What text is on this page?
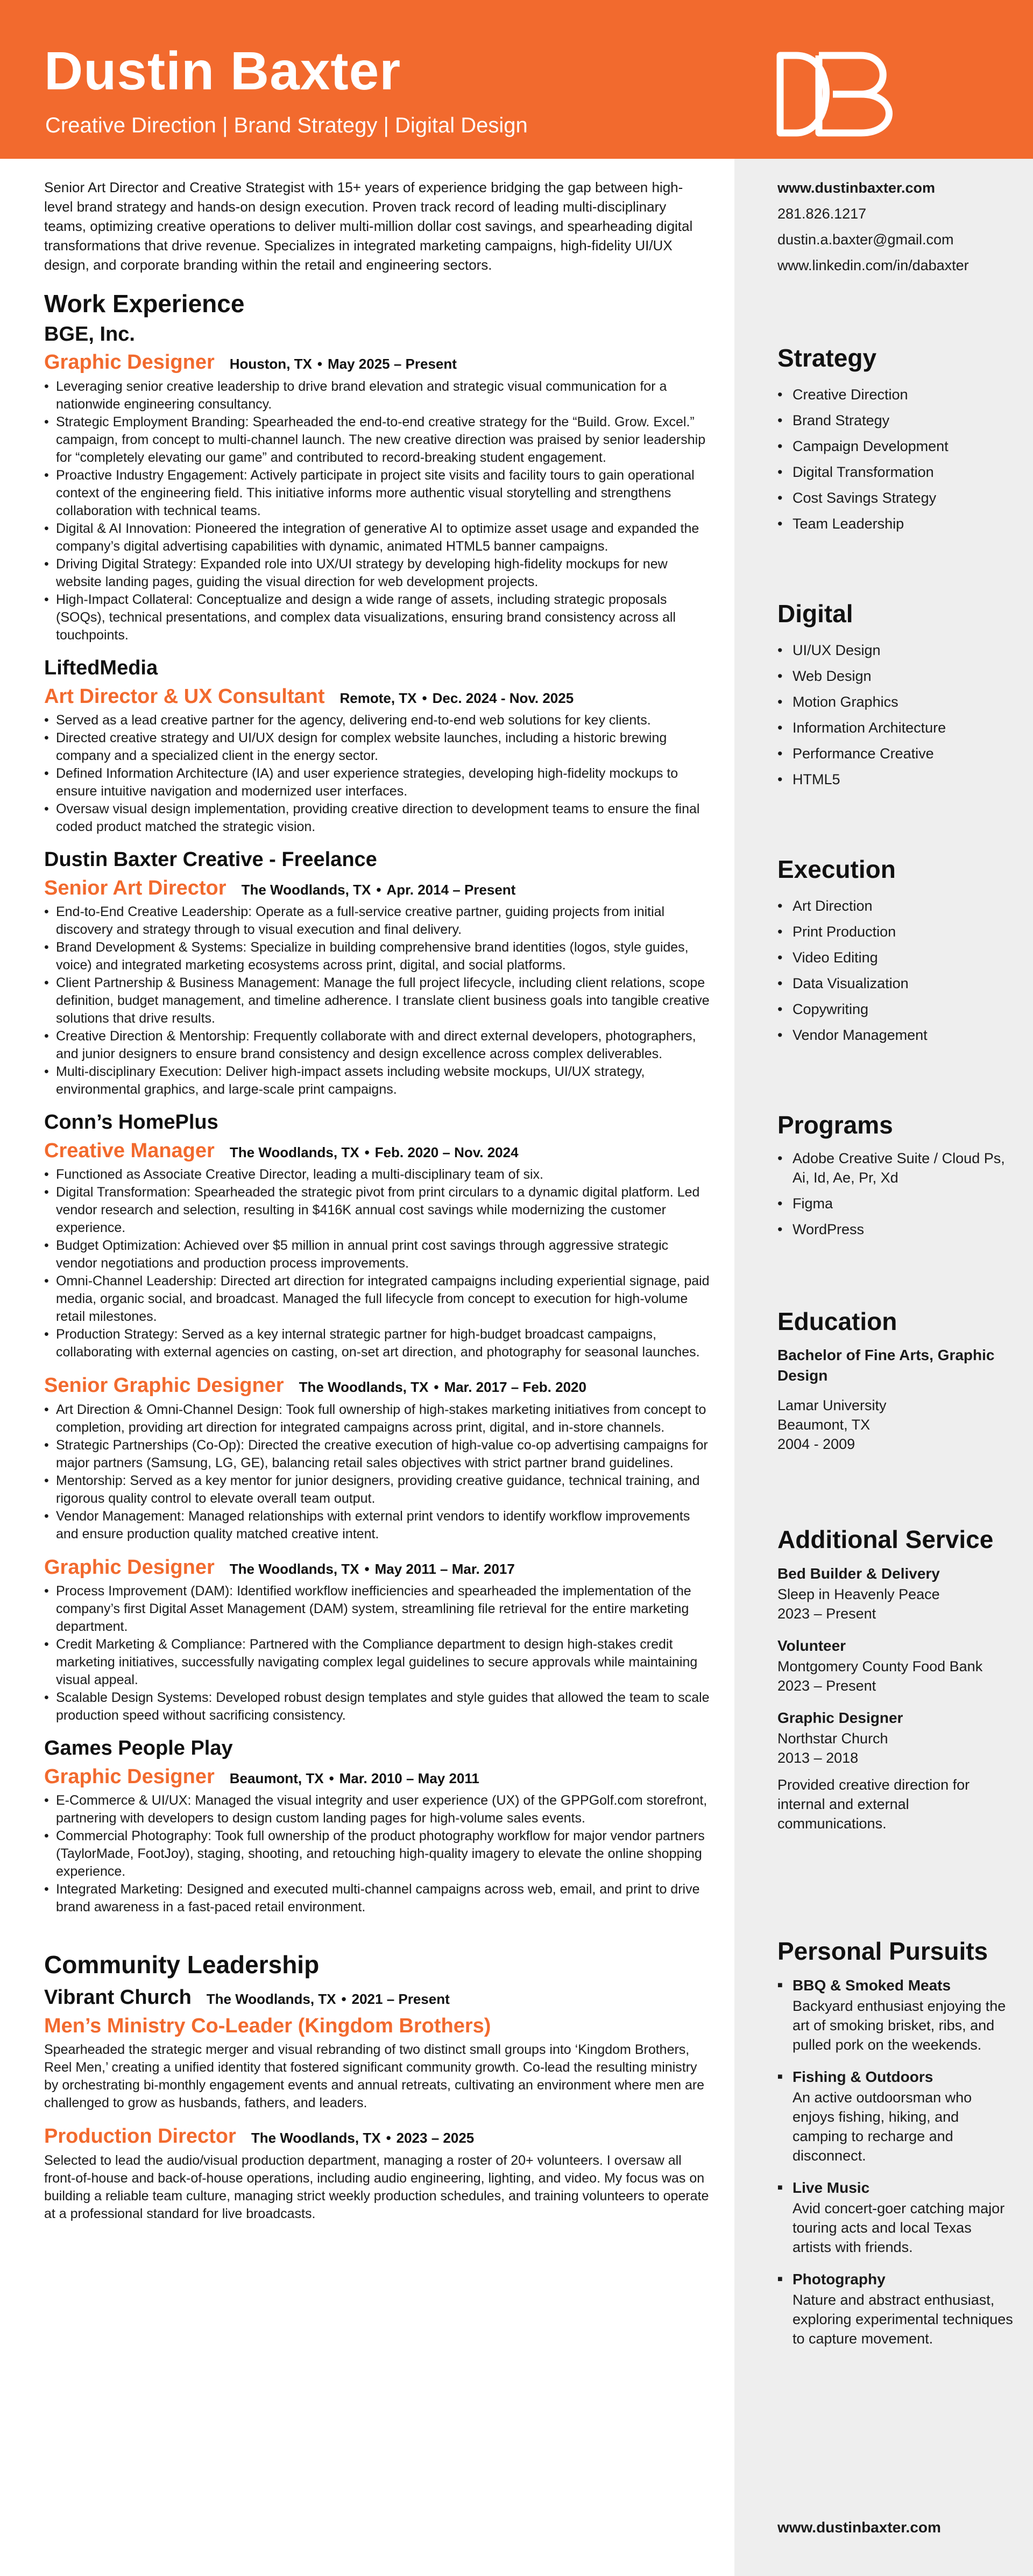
Dustin Baxter
Creative Direction | Brand Strategy | Digital Design
Senior Art Director and Creative Strategist with 15+ years of experience bridging the gap between high-level brand strategy and hands-on design execution. Proven track record of leading multi-disciplinary teams, optimizing creative operations to deliver multi-million dollar cost savings, and spearheading digital transformations that drive revenue. Specializes in integrated marketing campaigns, high-fidelity UI/UX design, and corporate branding within the retail and engineering sectors.
Work Experience
BGE, Inc.
Graphic Designer Houston, TX • May 2025 – Present
• Leveraging senior creative leadership to drive brand elevation and strategic visual communication for a nationwide engineering consultancy.
• Strategic Employment Branding: Spearheaded the end-to-end creative strategy for the “Build. Grow. Excel.” campaign, from concept to multi-channel launch. The new creative direction was praised by senior leadership for “completely elevating our game” and contributed to record-breaking student engagement.
• Proactive Industry Engagement: Actively participate in project site visits and facility tours to gain operational context of the engineering field. This initiative informs more authentic visual storytelling and strengthens collaboration with technical teams.
• Digital & AI Innovation: Pioneered the integration of generative AI to optimize asset usage and expanded the company’s digital advertising capabilities with dynamic, animated HTML5 banner campaigns.
• Driving Digital Strategy: Expanded role into UX/UI strategy by developing high-fidelity mockups for new website landing pages, guiding the visual direction for web development projects.
• High-Impact Collateral: Conceptualize and design a wide range of assets, including strategic proposals (SOQs), technical presentations, and complex data visualizations, ensuring brand consistency across all touchpoints.
LiftedMedia
Art Director & UX Consultant Remote, TX • Dec. 2024 - Nov. 2025
• Served as a lead creative partner for the agency, delivering end-to-end web solutions for key clients.
• Directed creative strategy and UI/UX design for complex website launches, including a historic brewing company and a specialized client in the energy sector.
• Defined Information Architecture (IA) and user experience strategies, developing high-fidelity mockups to ensure intuitive navigation and modernized user interfaces.
• Oversaw visual design implementation, providing creative direction to development teams to ensure the final coded product matched the strategic vision.
Dustin Baxter Creative - Freelance
Senior Art Director The Woodlands, TX • Apr. 2014 – Present
• End-to-End Creative Leadership: Operate as a full-service creative partner, guiding projects from initial discovery and strategy through to visual execution and final delivery.
• Brand Development & Systems: Specialize in building comprehensive brand identities (logos, style guides, voice) and integrated marketing ecosystems across print, digital, and social platforms.
• Client Partnership & Business Management: Manage the full project lifecycle, including client relations, scope definition, budget management, and timeline adherence. I translate client business goals into tangible creative solutions that drive results.
• Creative Direction & Mentorship: Frequently collaborate with and direct external developers, photographers, and junior designers to ensure brand consistency and design excellence across complex deliverables.
• Multi-disciplinary Execution: Deliver high-impact assets including website mockups, UI/UX strategy, environmental graphics, and large-scale print campaigns.
Conn’s HomePlus
Creative Manager The Woodlands, TX • Feb. 2020 – Nov. 2024
• Functioned as Associate Creative Director, leading a multi-disciplinary team of six.
• Digital Transformation: Spearheaded the strategic pivot from print circulars to a dynamic digital platform. Led vendor research and selection, resulting in $416K annual cost savings while modernizing the customer experience.
• Budget Optimization: Achieved over $5 million in annual print cost savings through aggressive strategic vendor negotiations and production process improvements.
• Omni-Channel Leadership: Directed art direction for integrated campaigns including experiential signage, paid media, organic social, and broadcast. Managed the full lifecycle from concept to execution for high-volume retail milestones.
• Production Strategy: Served as a key internal strategic partner for high-budget broadcast campaigns, collaborating with external agencies on casting, on-set art direction, and photography for seasonal launches.
Senior Graphic Designer The Woodlands, TX • Mar. 2017 – Feb. 2020
• Art Direction & Omni-Channel Design: Took full ownership of high-stakes marketing initiatives from concept to completion, providing art direction for integrated campaigns across print, digital, and in-store channels.
• Strategic Partnerships (Co-Op): Directed the creative execution of high-value co-op advertising campaigns for major partners (Samsung, LG, GE), balancing retail sales objectives with strict partner brand guidelines.
• Mentorship: Served as a key mentor for junior designers, providing creative guidance, technical training, and rigorous quality control to elevate overall team output.
• Vendor Management: Managed relationships with external print vendors to identify workflow improvements and ensure production quality matched creative intent.
Graphic Designer The Woodlands, TX • May 2011 – Mar. 2017
• Process Improvement (DAM): Identified workflow inefficiencies and spearheaded the implementation of the company’s first Digital Asset Management (DAM) system, streamlining file retrieval for the entire marketing department.
• Credit Marketing & Compliance: Partnered with the Compliance department to design high-stakes credit marketing initiatives, successfully navigating complex legal guidelines to secure approvals while maintaining visual appeal.
• Scalable Design Systems: Developed robust design templates and style guides that allowed the team to scale production speed without sacrificing consistency.
Games People Play
Graphic Designer Beaumont, TX • Mar. 2010 – May 2011
• E-Commerce & UI/UX: Managed the visual integrity and user experience (UX) of the GPPGolf.com storefront, partnering with developers to design custom landing pages for high-volume sales events.
• Commercial Photography: Took full ownership of the product photography workflow for major vendor partners (TaylorMade, FootJoy), staging, shooting, and retouching high-quality imagery to elevate the online shopping experience.
• Integrated Marketing: Designed and executed multi-channel campaigns across web, email, and print to drive brand awareness in a fast-paced retail environment.
Community Leadership
Vibrant Church The Woodlands, TX • 2021 – Present
Men’s Ministry Co-Leader (Kingdom Brothers)
Spearheaded the strategic merger and visual rebranding of two distinct small groups into ‘Kingdom Brothers, Reel Men,’ creating a unified identity that fostered significant community growth. Co-lead the resulting ministry by orchestrating bi-monthly engagement events and annual retreats, cultivating an environment where men are challenged to grow as husbands, fathers, and leaders.
Production Director The Woodlands, TX • 2023 – 2025
Selected to lead the audio/visual production department, managing a roster of 20+ volunteers. I oversaw all front-of-house and back-of-house operations, including audio engineering, lighting, and video. My focus was on building a reliable team culture, managing strict weekly production schedules, and training volunteers to operate at a professional standard for live broadcasts.
www.dustinbaxter.com
281.826.1217
dustin.a.baxter@gmail.com
www.linkedin.com/in/dabaxter
Strategy
• Creative Direction
• Brand Strategy
• Campaign Development
• Digital Transformation
• Cost Savings Strategy
• Team Leadership
Digital
• UI/UX Design
• Web Design
• Motion Graphics
• Information Architecture
• Performance Creative
• HTML5
Execution
• Art Direction
• Print Production
• Video Editing
• Data Visualization
• Copywriting
• Vendor Management
Programs
• Adobe Creative Suite / Cloud Ps, Ai, Id, Ae, Pr, Xd
• Figma
• WordPress
Education
Bachelor of Fine Arts, Graphic Design
Lamar University
Beaumont, TX
2004 - 2009
Additional Service
Bed Builder & Delivery
Sleep in Heavenly Peace
2023 – Present
Volunteer
Montgomery County Food Bank
2023 – Present
Graphic Designer
Northstar Church
2013 – 2018
Provided creative direction for internal and external communications.
Personal Pursuits
■ BBQ & Smoked Meats
Backyard enthusiast enjoying the art of smoking brisket, ribs, and pulled pork on the weekends.
■ Fishing & Outdoors
An active outdoorsman who enjoys fishing, hiking, and camping to recharge and disconnect.
■ Live Music
Avid concert-goer catching major touring acts and local Texas artists with friends.
■ Photography
Nature and abstract enthusiast, exploring experimental techniques to capture movement.
www.dustinbaxter.com
